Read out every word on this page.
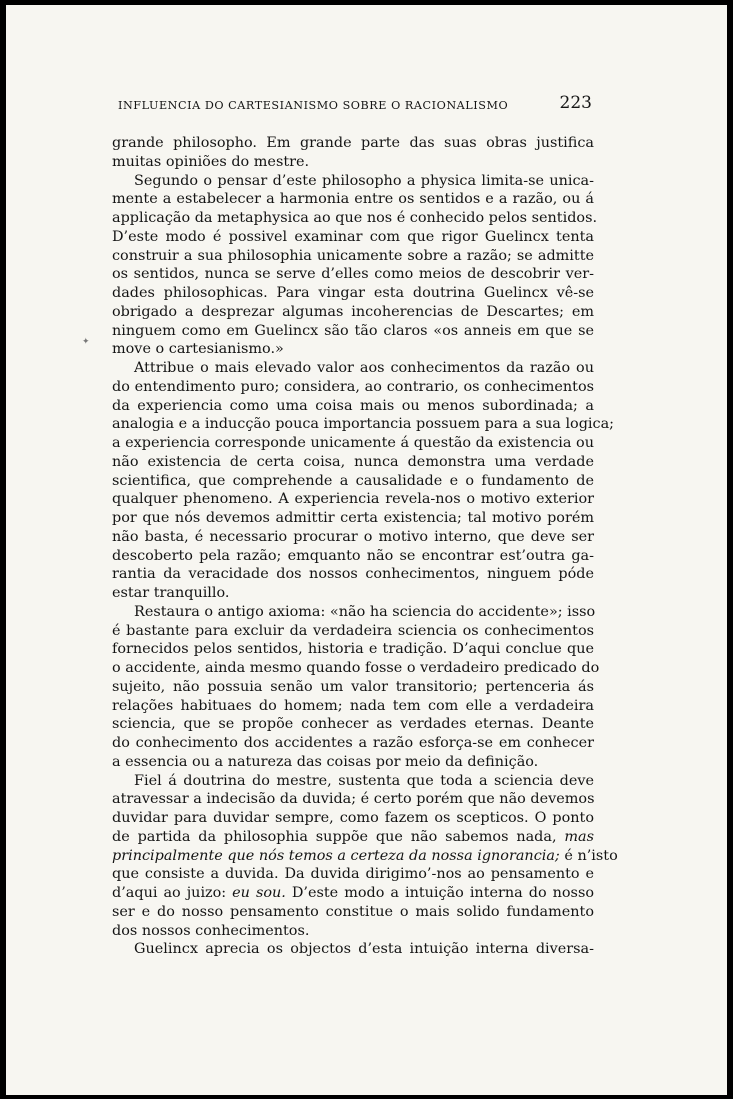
INFLUENCIA DO CARTESIANISMO SOBRE O RACIONALISMO	223
✦
grande philosopho. Em grande parte das suas obras justifica
muitas opiniões do mestre.
Segundo o pensar d’este philosopho a physica limita-se unica-
mente a estabelecer a harmonia entre os sentidos e a razão, ou á
applicação da metaphysica ao que nos é conhecido pelos sentidos.
D’este modo é possivel examinar com que rigor Guelincx tenta
construir a sua philosophia unicamente sobre a razão; se admitte
os sentidos, nunca se serve d’elles como meios de descobrir ver-
dades philosophicas. Para vingar esta doutrina Guelincx vê-se
obrigado a desprezar algumas incoherencias de Descartes; em
ninguem como em Guelincx são tão claros «os anneis em que se
move o cartesianismo.»
Attribue o mais elevado valor aos conhecimentos da razão ou
do entendimento puro; considera, ao contrario, os conhecimentos
da experiencia como uma coisa mais ou menos subordinada; a
analogia e a inducção pouca importancia possuem para a sua logica;
a experiencia corresponde unicamente á questão da existencia ou
não existencia de certa coisa, nunca demonstra uma verdade
scientifica, que comprehende a causalidade e o fundamento de
qualquer phenomeno. A experiencia revela-nos o motivo exterior
por que nós devemos admittir certa existencia; tal motivo porém
não basta, é necessario procurar o motivo interno, que deve ser
descoberto pela razão; emquanto não se encontrar est’outra ga-
rantia da veracidade dos nossos conhecimentos, ninguem póde
estar tranquillo.
Restaura o antigo axioma: «não ha sciencia do accidente»; isso
é bastante para excluir da verdadeira sciencia os conhecimentos
fornecidos pelos sentidos, historia e tradição. D’aqui conclue que
o accidente, ainda mesmo quando fosse o verdadeiro predicado do
sujeito, não possuia senão um valor transitorio; pertenceria ás
relações habituaes do homem; nada tem com elle a verdadeira
sciencia, que se propõe conhecer as verdades eternas. Deante
do conhecimento dos accidentes a razão esforça-se em conhecer
a essencia ou a natureza das coisas por meio da definição.
Fiel á doutrina do mestre, sustenta que toda a sciencia deve
atravessar a indecisão da duvida; é certo porém que não devemos
duvidar para duvidar sempre, como fazem os scepticos. O ponto
de partida da philosophia suppõe que não sabemos nada, mas
principalmente que nós temos a certeza da nossa ignorancia; é n’isto
que consiste a duvida. Da duvida dirigimo’-nos ao pensamento e
d’aqui ao juizo: eu sou. D’este modo a intuição interna do nosso
ser e do nosso pensamento constitue o mais solido fundamento
dos nossos conhecimentos.
Guelincx aprecia os objectos d’esta intuição interna diversa-
